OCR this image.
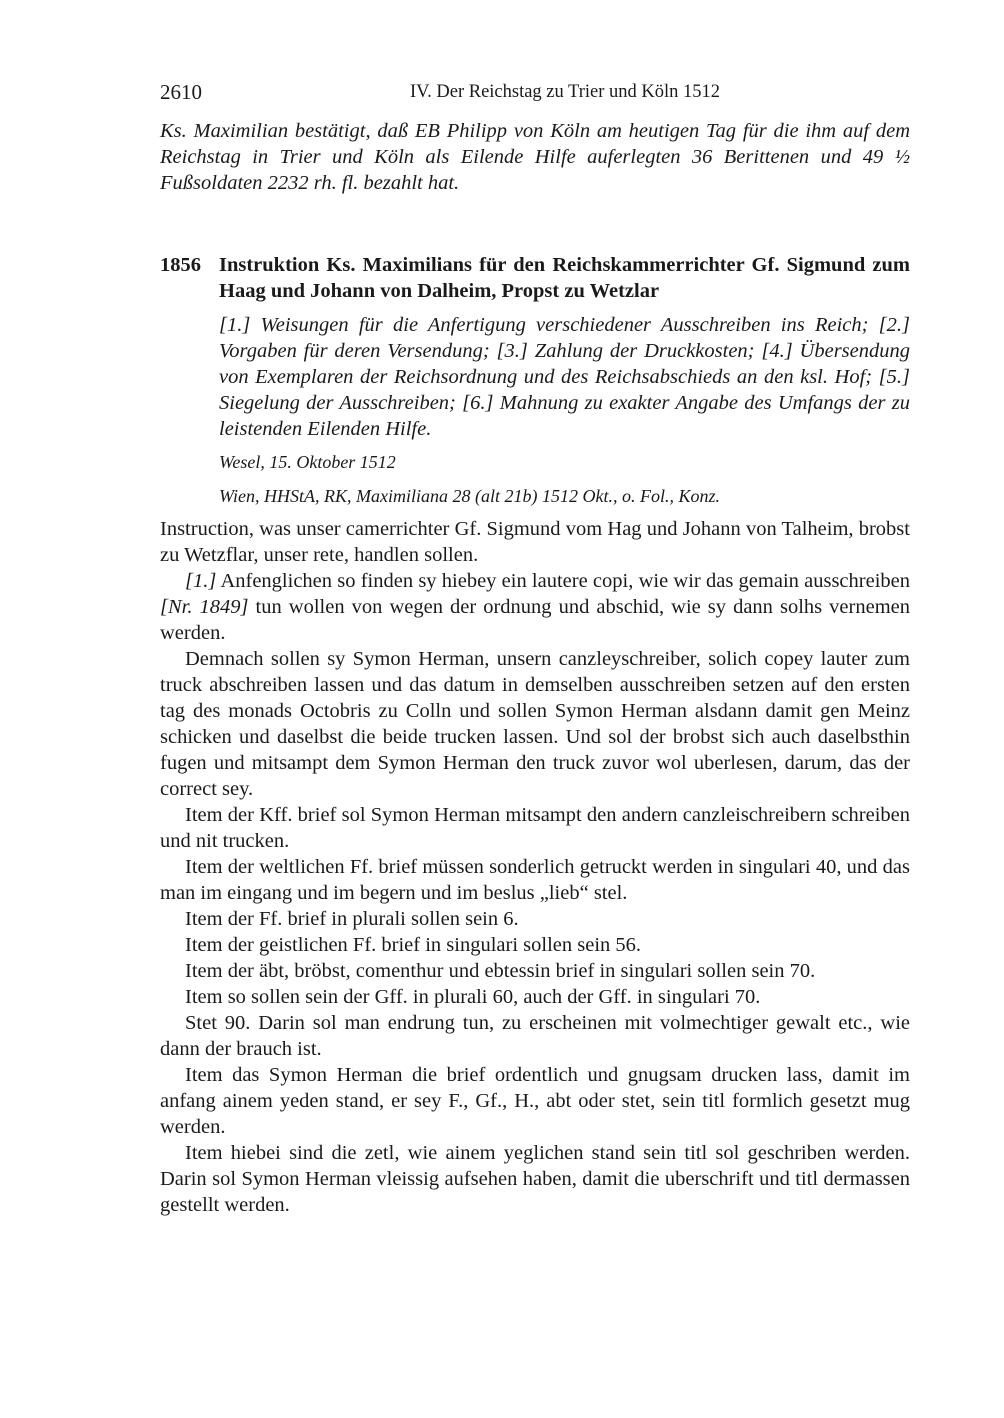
2610	IV. Der Reichstag zu Trier und Köln 1512
Ks. Maximilian bestätigt, daß EB Philipp von Köln am heutigen Tag für die ihm auf dem Reichstag in Trier und Köln als Eilende Hilfe auferlegten 36 Berittenen und 49 ½ Fußsoldaten 2232 rh. fl. bezahlt hat.
1856 Instruktion Ks. Maximilians für den Reichskammerrichter Gf. Sigmund zum Haag und Johann von Dalheim, Propst zu Wetzlar
[1.] Weisungen für die Anfertigung verschiedener Ausschreiben ins Reich; [2.] Vorgaben für deren Versendung; [3.] Zahlung der Druckkosten; [4.] Übersendung von Exemplaren der Reichsordnung und des Reichsabschieds an den ksl. Hof; [5.] Siegelung der Ausschreiben; [6.] Mahnung zu exakter Angabe des Umfangs der zu leistenden Eilenden Hilfe.
Wesel, 15. Oktober 1512
Wien, HHStA, RK, Maximiliana 28 (alt 21b) 1512 Okt., o. Fol., Konz.

Instruction, was unser camerrichter Gf. Sigmund vom Hag und Johann von Talheim, brobst zu Wetzflar, unser rete, handlen sollen.

[1.] Anfenglichen so finden sy hiebey ein lautere copi, wie wir das gemain ausschreiben [Nr. 1849] tun wollen von wegen der ordnung und abschid, wie sy dann solhs vernemen werden.

Demnach sollen sy Symon Herman, unsern canzleyschreiber, solich copey lauter zum truck abschreiben lassen und das datum in demselben ausschreiben setzen auf den ersten tag des monads Octobris zu Colln und sollen Symon Herman alsdann damit gen Meinz schicken und daselbst die beide trucken lassen. Und sol der brobst sich auch daselbsthin fugen und mitsampt dem Symon Herman den truck zuvor wol uberlesen, darum, das der correct sey.

Item der Kff. brief sol Symon Herman mitsampt den andern canzleischreibern schreiben und nit trucken.

Item der weltlichen Ff. brief müssen sonderlich getruckt werden in singulari 40, und das man im eingang und im begern und im beslus „lieb“ stel.

Item der Ff. brief in plurali sollen sein 6.

Item der geistlichen Ff. brief in singulari sollen sein 56.

Item der äbt, bröbst, comenthur und ebtessin brief in singulari sollen sein 70.

Item so sollen sein der Gff. in plurali 60, auch der Gff. in singulari 70.

Stet 90. Darin sol man endrung tun, zu erscheinen mit volmechtiger gewalt etc., wie dann der brauch ist.

Item das Symon Herman die brief ordentlich und gnugsam drucken lass, damit im anfang ainem yeden stand, er sey F., Gf., H., abt oder stet, sein titl formlich gesetzt mug werden.

Item hiebei sind die zetl, wie ainem yeglichen stand sein titl sol geschriben werden. Darin sol Symon Herman vleissig aufsehen haben, damit die uberschrift und titl dermassen gestellt werden.
